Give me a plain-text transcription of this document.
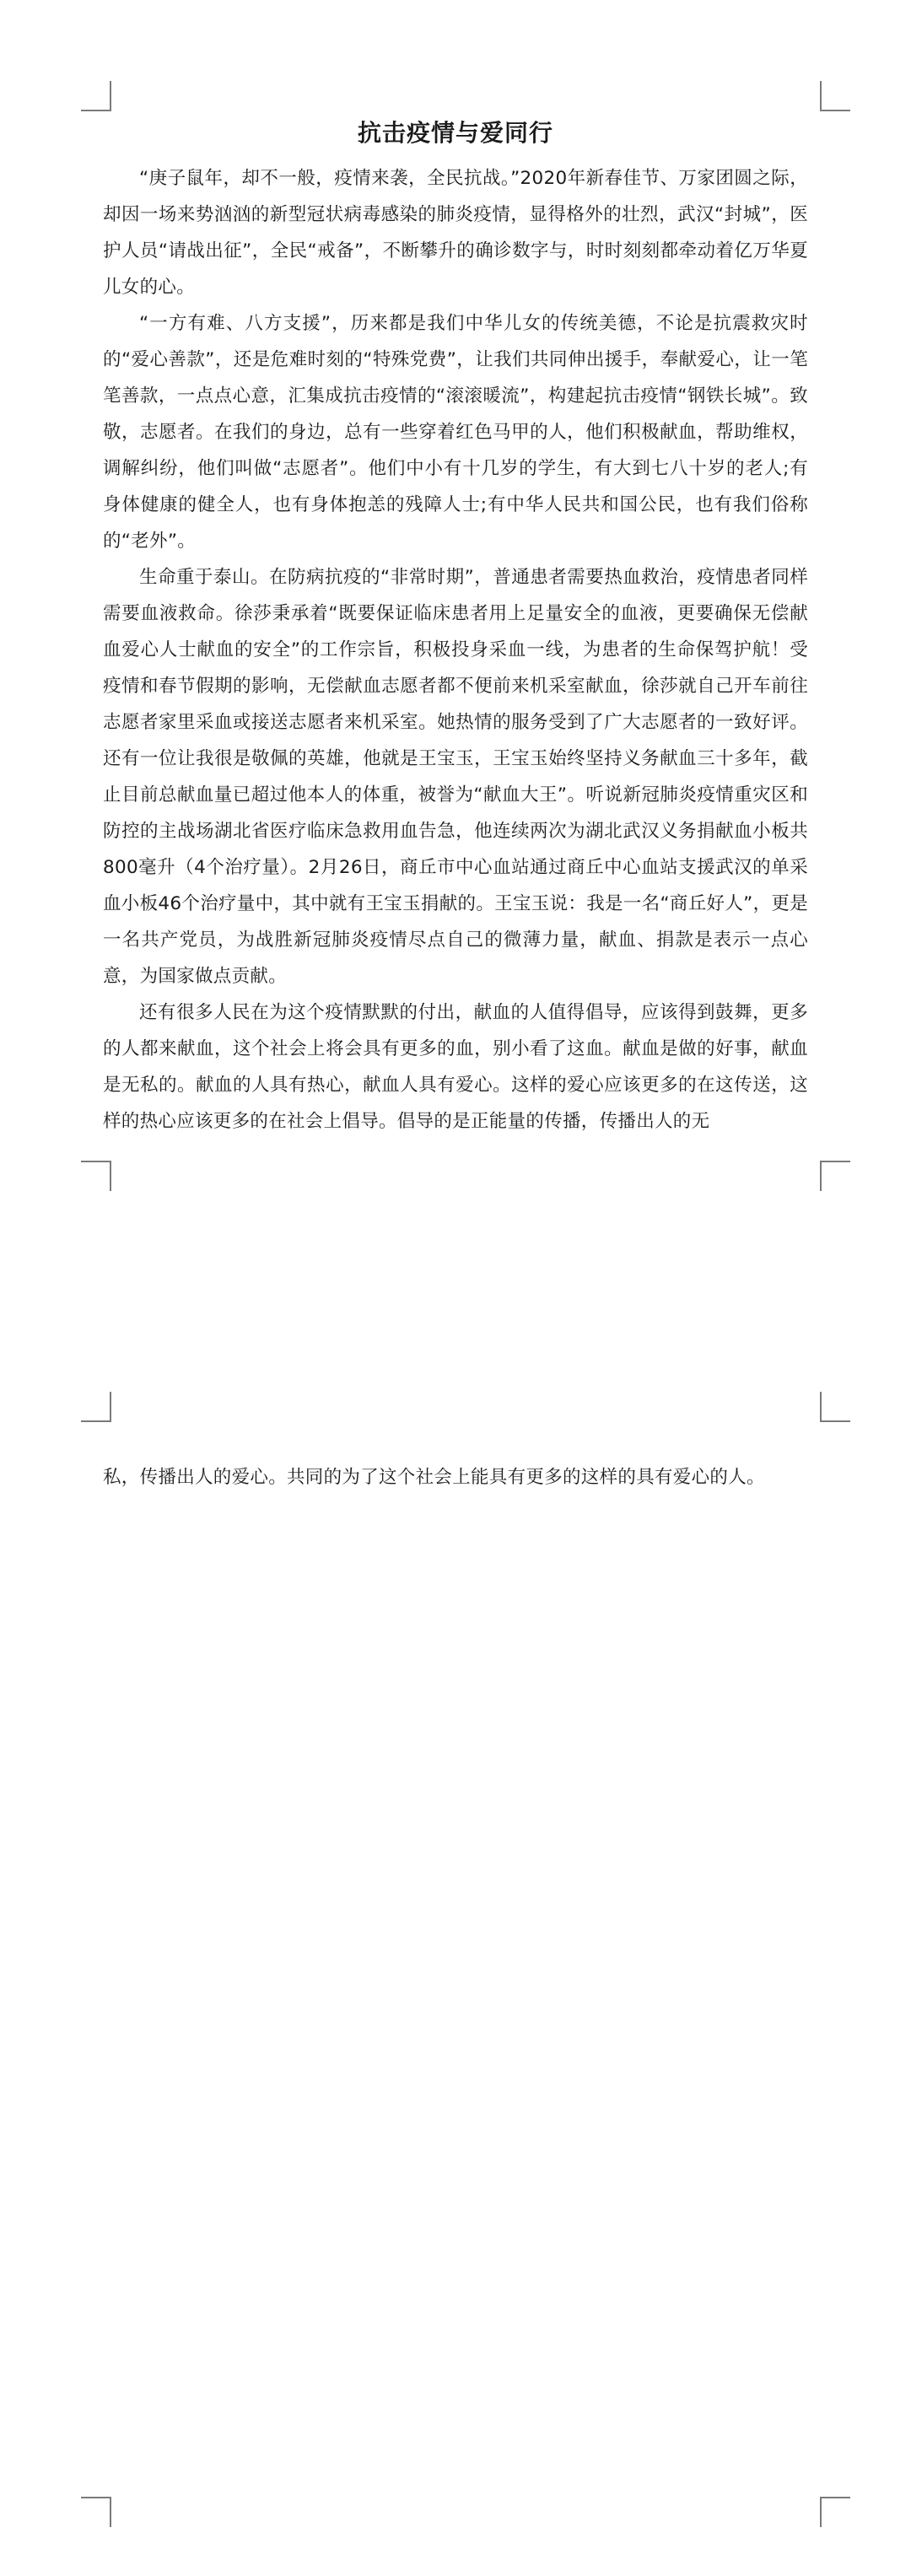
抗击疫情与爱同行

“庚子鼠年，却不一般，疫情来袭，全民抗战。”2020年新春佳节、万家团圆之际，却因一场来势汹汹的新型冠状病毒感染的肺炎疫情，显得格外的壮烈，武汉“封城”，医护人员“请战出征”，全民“戒备”，不断攀升的确诊数字与，时时刻刻都牵动着亿万华夏儿女的心。

“一方有难、八方支援”，历来都是我们中华儿女的传统美德，不论是抗震救灾时的“爱心善款”，还是危难时刻的“特殊党费”，让我们共同伸出援手，奉献爱心，让一笔笔善款，一点点心意，汇集成抗击疫情的“滚滚暖流”，构建起抗击疫情“钢铁长城”。致敬，志愿者。在我们的身边，总有一些穿着红色马甲的人，他们积极献血，帮助维权，调解纠纷，他们叫做“志愿者”。他们中小有十几岁的学生，有大到七八十岁的老人;有身体健康的健全人，也有身体抱恙的残障人士;有中华人民共和国公民，也有我们俗称的“老外”。

生命重于泰山。在防病抗疫的“非常时期”，普通患者需要热血救治，疫情患者同样需要血液救命。徐莎秉承着“既要保证临床患者用上足量安全的血液，更要确保无偿献血爱心人士献血的安全”的工作宗旨，积极投身采血一线，为患者的生命保驾护航！受疫情和春节假期的影响，无偿献血志愿者都不便前来机采室献血，徐莎就自己开车前往志愿者家里采血或接送志愿者来机采室。她热情的服务受到了广大志愿者的一致好评。还有一位让我很是敬佩的英雄，他就是王宝玉，王宝玉始终坚持义务献血三十多年，截止目前总献血量已超过他本人的体重，被誉为“献血大王”。听说新冠肺炎疫情重灾区和防控的主战场湖北省医疗临床急救用血告急，他连续两次为湖北武汉义务捐献血小板共800毫升（4个治疗量）。2月26日，商丘市中心血站通过商丘中心血站支援武汉的单采血小板46个治疗量中，其中就有王宝玉捐献的。王宝玉说：我是一名“商丘好人”，更是一名共产党员，为战胜新冠肺炎疫情尽点自己的微薄力量，献血、捐款是表示一点心意，为国家做点贡献。

还有很多人民在为这个疫情默默的付出，献血的人值得倡导，应该得到鼓舞，更多的人都来献血，这个社会上将会具有更多的血，别小看了这血。献血是做的好事，献血是无私的。献血的人具有热心，献血人具有爱心。这样的爱心应该更多的在这传送，这样的热心应该更多的在社会上倡导。倡导的是正能量的传播，传播出人的无

私，传播出人的爱心。共同的为了这个社会上能具有更多的这样的具有爱心的人。
